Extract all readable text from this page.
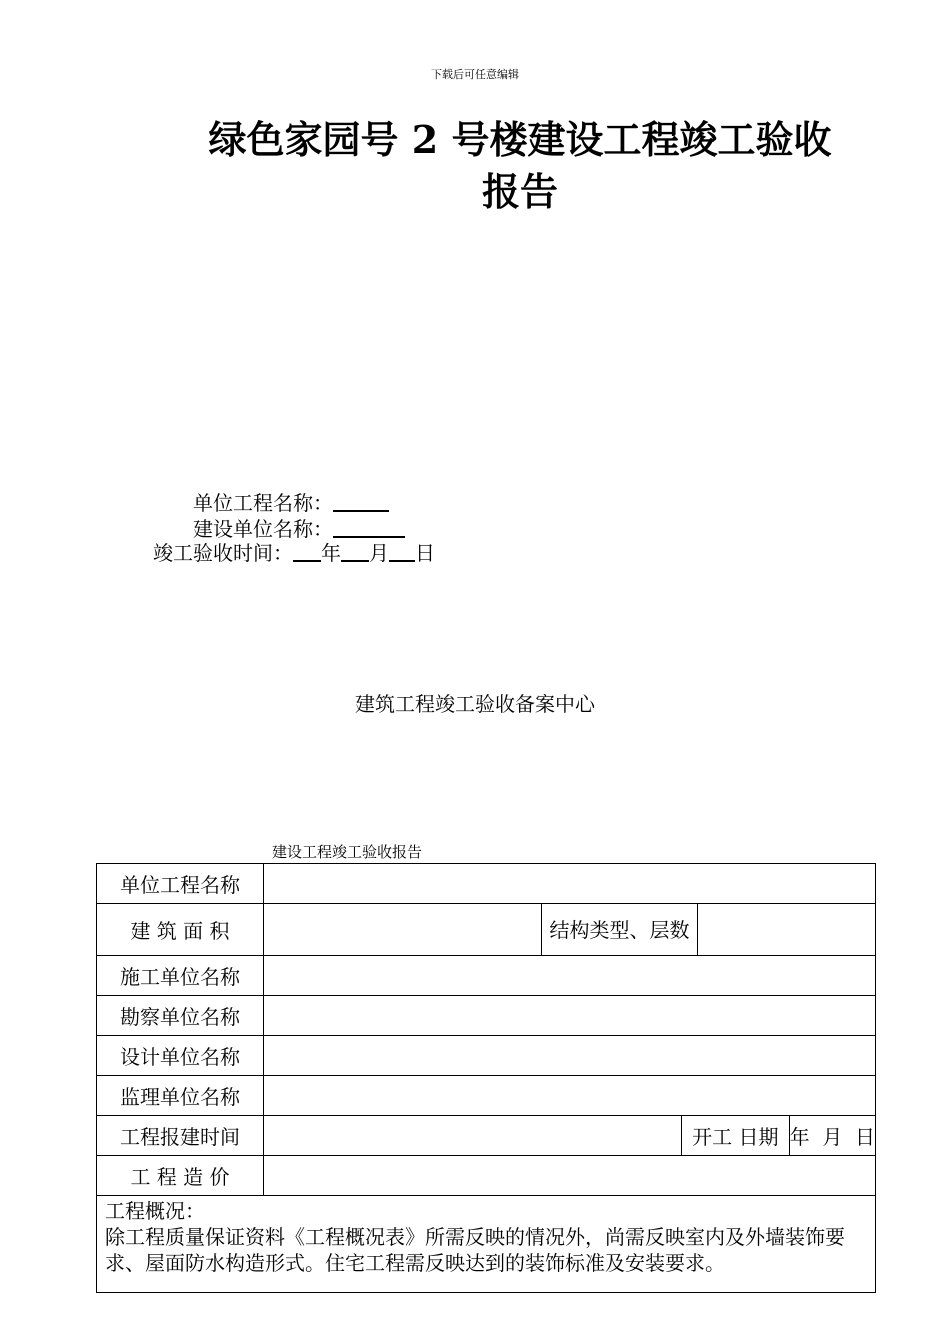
下载后可任意编辑
绿色家园号 2 号楼建设工程竣工验收
报告
单位工程名称：
建设单位名称：
竣工验收时间： 年 月 日
建筑工程竣工验收备案中心
建设工程竣工验收报告
单位工程名称				
建 筑 面 积		结构类型、层数		
施工单位名称				
勘察单位名称				
设计单位名称				
监理单位名称				
工程报建时间			开工 日期 年  月  日	

工 程 造 价				

工程概况：
除工程质量保证资料《工程概况表》所需反映的情况外，尚需反映室内及外墙装饰要求、屋面防水构造形式。住宅工程需反映达到的装饰标准及安装要求。				
